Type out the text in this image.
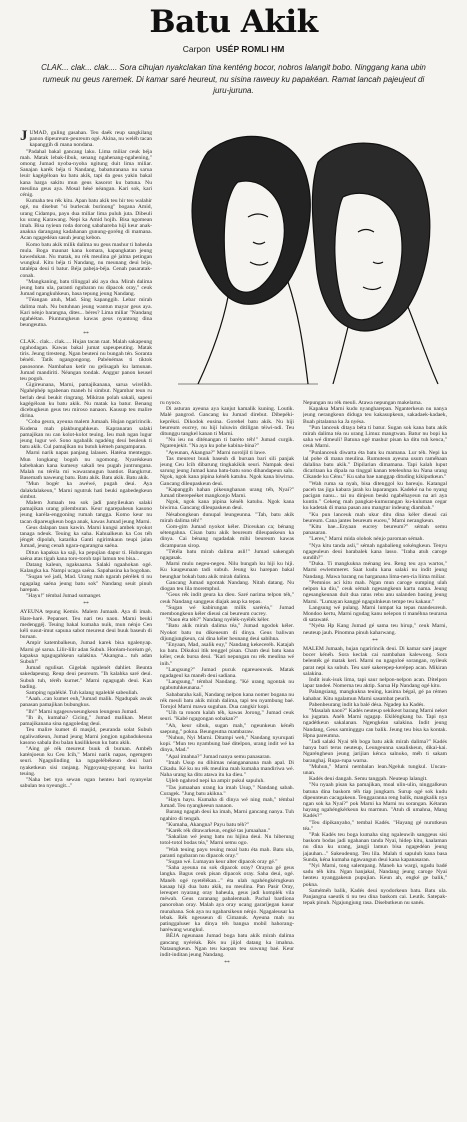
Batu Akik
Carpon USÉP ROMLI HM
CLAK... clak... clak.... Sora cihujan nyakclakan tina kenténg bocor, nobros lalangit bobo. Ninggang kana ubin rumeuk nu geus raremek. Di kamar saré heureut, nu sisina raweuy ku papakéan. Ramat lancah pajeujeut di juru-juruna.

JUMAD, guling gasahan. Teu daék reup sangkilang panon dipeureum-peureum ogé. Akina, nu weléh tacan kapanggih di mana nondana.

"Padahal bakal gancang laku. Lima miliar ceuk béja mah. Matak lebak-libuk, senang ngahenang-ngahening," omong Jumad nyoba-nyoba ngitung duit lima miliar. Sanajan karék béja ti Nandang, babaturanana nu sarua leuir kagégéloan ku batu akik, tapi da geus yakin bakal kana harga sakitu mun geus kasorot ku batuna. Nu meulina geus aya. Mosal hésé néangan. Kari sok, kari cénig.

Kumaha teu rék kitu. Apan batu akik teu hir teu walahir ogé, nu disebut "si burlecak burinong" bogana Amid, urang Cidampu, payu dua miliar lima puluh juta. Dibeuli ku urang Karawang. Nepi ka Amid hojih. Bisa ngomean imah. Bisa nyieun roda dorong sabahareba hiji keur anak-anakna darangang kadahanan gunung-goréng di mamana. Acan ngagedéan sasuh jeung kebon.

Komo batu akik milik dalima nu geus mashur ti baheula mula. Boga maunat kana komara, kapangkatan jeung kawedukan. Nu matak, nu rék meulina gé jalma petingan wungkul. Kitu béja ti Nandang, nu meunang deui béja, tatalépa deui ti batur. Béja pabeja-béja. Cenah pasaratak-conah.

"Mangkaning, batu tilinggal aki aya dua. Mirah dalima jeung batu ula, paranti ngubaran nu dipacok oray," ceuk Jumad ngangkuhkeun, basa tepung jeung Nandang.

"Téangan atuh, Mad. Sing kapanggih. Lebar mirah dalima mah. Nu butuhnan jeung wantun mayar geus aya. Kari nénjo barangna, dites... béres? Lima miliar "Nandang ngahéétan. Piuntungkeun kawas geus nyantong dina beungeutna.

**

CLAK.. clak... clak..... Hujan tacan raat. Malah sakapeung ngahodagan. Kawas bakal jumat sapeupeuting. Matak tiris. Jeung tiresteng. Ngan beuteni nu bungah tén. Soranta bénéti. Tatik ngangongong. Pabénémas ti tiktok pasosonne. Nambahan ketir nu gelisagah ku lamunan. Jumad mandiriti. Néangan tondak. Anggur panon keusel teu pogoh.

Gigireunana, Marni, pamajikanana, sarua wirelikh. Ngahéphép ngabenan maneh hi simbut. Ngambar teun ru berlah deui beukit ringrang. Mikiran polah sakali, sapeni kagégéloan ku batu akik. Nu matak ka batur. Benang dicebugkeun geus teu miroso nanaon. Kausup teu malire dirina.

"Coba geura, ayeuna malem Jumaah. Hujan ngaririncik. Kudena mah plakbungahkeun. Kapranaran salaki pamajikan nu can kolot-kolot teuing. Ieu mah ngan lugur jeung lugur wé. Sono ngabalik ngadéng deui beuleuk ti batu akik. Cul pamajikan nu butuh kémeh pangamparan.

Marni narik napas panjang lalauen. Haténa menteggu. Mun longkang bogoh nu ngomong. Nyaréskeun kabebakan kana kumeuy sakali teu pugah juntrungana. Malah nu téréla mi wawaranugun bantiot. Bangkrrut. Basemath naweung batu. Batu akik. Batu akik. Batu akik.

"Mun bogér ka awéwé, pugah deui. Aya dalakdalakeun," Marni ngutruk hati beuki ngabedegkeun simbut.

Malem Jumaah tea sok jadi panyileukan salaki pamajikan urang pilemburan. Keur ngarepaheun kasono jeung karéla-enggoning rumah tangga. Komo keur nu tacan dipareugkeun boga anak, kawas Jumad jeung Marni.

Geus dalapan taun kawin. Marni kungsi ambek nyokot tanaga ndeuk. Teuing ka saha. Kahualkeun ka Cos téh jéngét dipolah, katarika Ganti ngirimkaun teupi jalan Jumad, jeung cenah ngara-ngarangna saéna.

Ditun kapaksa ka saji, ka pepujian dapur ti. Hubungan saéna atas tigah kana toro-toroh tapi lamun teu bisa...

Datang kaleun, ngaksaarsa. Salaki ngaahokan ogé. Kalangka ka. Nampi ucaga saéna. Sapahasina ka bogohan.

"Sugan wé jadi, Mad. Urang mah ngarah pérélek ti nu ngagalag saéna jeung batu sok" Nandang seuit pinuh harepan.

"Hayu!" témbal Jumad sumanget.

**

AYEUNA tepung Kemis. Malem Jumaah. Aya di imah. Hare-harè. Pepanset. Teu nari teu naon. Marni beuki medenggéj. Teuing bakal kumaha nuik, mun nénjo Cen kéli susut-imut sapuna sabot meureut deui buuk baseuh di buruan.

Ampir katembalkeun, Jumad karek bisa ngalenyap. Marni gé sarua. Lilir-lilir adan Subuh. Horéam-horéam gé, kapaksa ngagugahkeun salakina. "Akangna... tuh adan Subuh!"

Jumad ngulisat. Gigelak ngalenét dahliet. Beunta sakedapeung. Reup deui peureum. "Ih kalahka saré deui. Subuh tuh, téréh kurnet." Marni ngagugah deui. Kan bading.

Samping ngaléklé. Tuh kalang ngaleklé sabeuliah.

"Aaah...can kumet euh,"Jumad malik. Ngadupak awak panasan pamajikan bubungkus.

"Ih!" Marni ngageuwueungkeun leungeun Jumad.

"Ih ih, kumaha? Cicing," Jumad malikan. Metot pamajikanana sina ngagoledag deui.

Teu malire kumet di masjid, peuranda solat Subuh ngaliwatkeun, Jumad jeung Marni jongjon ngabadukeuna kasono sabala ibu balan kasilikkeun ku batu akik.

"Aing gé rék meureut buuk di buruan. Ambéh katénjoeun ku Ceu Icih," Marni narik napas, ngemgem seuri. Ngagulinding ka ngagelébékeun deui bari nyaketkeun sisi ranjang. Nggoyang-goyang ku harita teuing.

"Naha bet nya sewan ngan henteu bari nyanyelat sabulan tea nyeungit..."

ru nyoco.

Di asturan ayeuna aya kanjut kamalik kuning. Loutik. Malé pangrod. Gancang ku Jumad direbut. Dibepéki-kepréksi. Dikodok eusina. Gorehel batu akik. Nu hiji beureum eucrey, nu hiji luluwin ditiligan téiwi-ndi. Teu ditunggu tangkel kanan ti Marni.

"Nu ieu nu diténangan ti baréto téh!" Jumad curgik. Ngarenjekit. "Na aya ku pohe kabina-bina?"

"Ayeunan, Akangna?" Marni noroljil ti lawe.

Tas meureut buuk baseuh di buruan bari sili panjak jeung Ceu Icih dibarung tingkakikik seuri. Nampak deui sarung jeung Jumad kana batu-batu sono dihandapeun salu. Ngok, ngok kana pipina kénéh katuhu. Ngok kana biwirna. Gancang dileupaskeun deui.

"Kapanggih hahan pikeunghanan urang téh, Nyai?" Jumad tiberepeéket mangkonjo Marni.

Ngok, ngok kana pipina kénéh katuhu. Ngok kana biwirna. Gancang dileupaskeun deui.

Nésabongkean dunupal leungeunna. "Tah, batu akik mirah dalima téh!"

Gom-gim Jumad nyokot kéler. Diceukan ca; bénang sétengahna. Cisan batu akik beureum dileupaskeun ka dinya. Cai bénang ngadadak mihi beureum kawas dicampuran sirop.

"Tétéla batu mirah dalima asli!" Jumad sakengah ngagasak.

Marni mulu negeu-negeu. Nilu bungah ku hiji ku hiji. Ku kaugeunaan tadi subuh. Jeung ku harepan bakal beunghar bokah batu akik mirah dalima.

Gancang Jumad ngontak Nandang. Nitah datang. Nu diogan teu lila moremphul.

"Geus rék indit geura ka dieu. Saré narima telpon téh," ceuk Nandang sanggeus diajak asup ka tepas.

"Sugan wé kabirungan milik saréréa," Jumad membongkeun kéler dieusi cai beureum cucrey.

"Naon éta téh?" Nandang nyélék-nyélék kéler.

"Batu akik mirah dalima téa," Jumad ngodok kéler. Nyokot batu nu dikeueum di dinya. Geus baliwan dijungjungkeun, cai dina kéler heunang deui sabihna.

"Enyaan, Mad, asalik euy," Nandang kekeceréh. Katajah ku batu. Dikukui itik tenggel pisan. Cham deui batu kana kéler, ceuk bursa deui. "Kari nepungan nu rék meulina wé inih."

"Langsung?" Jumad pucuk ngareueuwuk. Matak ngadageul ka manéh deui sadiana.

"Langsung," témbal Nandang. "Ké urang ngontak nu ngabutuhkeunana."

Sababaraha kali, Nandang nelpon kana nomer bogana nu rék meuli batu akik mirah dalima, tapi teu nyambung baé. Torojol Marni mawa suguhan. Dua cangkir kopi.

"Uih ta ronom kalah téh, kawas Jorong," Jumad ceuk seuri. "Kabé ngagongan sobakan?"

"Ah, keur sibuk, sugan mah," ngeunkeun kénéh saepung," pokna. Beungeutna mambaraw.

"Nuhun, Nyi Marni. Ditampi weh," Nandang nyurupati kopi. "Mun teu nyambung baé ditelpon, urang indit wé ka dinya, Mad."

"Apal imahna?" Jumad nanya semu panasaran.

"Imah Usup nu dihimas néangananana mah apal. Di Cikadu. Ké ku nu rék meulina mah kumaha mandiriwa wé. Naha urang ka ditu atawa itu ka dieu."

Ujleb ngahrod nepi ka ampir pukul sapuluh.

"Tas jumaahan urang ka imah Usup," Nandang sabah. Curagek. "Jung batu akikna."

"Hayu hayu. Kumaha di dinya wé ning mah," témbal Jumad. Teu nyangkeeun nanaon.

Barang ngagah deui ka imah, Marni gancang nanya. Tuh ngahiro di tengah.

"Kumaha, Akangna? Payu batu téh?"

"Karék rék ditawarkeun, engké tas jumaahan."

"Sakalian wé jeung batu nu hijina deui. Nu hiberung totol-totol bodas téa," Marni semu ogo.

"Wah teuing payu teuing moal batu éta mah. Batu ula, paranti ngubaran nu dipacok oray."

"Sugan wé. Lumayan keur alter dipacok oray gé."

"Saha ayeuna nu sok dipacok oray? Orayna gé geus langka. Bagus ceuk pisan dipacok oray. Saha deui, ogé. Manéh ogé nyetélékan..." éta ulah ngahéngkérngkeun kasaap hiji dua batu akik, nu meulina. Pan Pasir Oray, lereupet nyarang oray baheula, geus jadi komplék vila méwah. Geus caranang pabalentuah. Pachal bardiona panoroban oray. Malah aya oray ucang gararijegan kasur munahana. Sok aya nu ngabarsikeun nénjo. Ngagaleusar ka lebak. Rék ngeuseun di Cimanuk. Ayeuna mah nu patinggaluser ka dinya téh bangsa mobil hahorang-haréwang wungkul.

BÉJA ngeunaan Jumad boga batu akik mirah dalima gancang nyéréak. Rés nu jiijol datang ka imahna. Nataungkeun. Ngan teu kaopan teu suwung baé. Keur indit-inditan jeung Nandang.

**

Nepungan nu rék meuli. Atawa nepungan makelarna.

Kapaksa Marni kudu nyangharepan. Nganterkeun nu nanya jeung nerangkeun diduga teu kakasupkeun, sakadaek-kadaek, Buah pitalanna ka Ja nyésa.

"Pun lanceuk ditaya béta ti batur. Sugan sok kana batu akik mirah dalima téa nu urang Limuz mangtwan. Batur nu bopi ka saha wé dimeuli! Batuna ogé mashur pisan ka ditu tuh kenca," ceuk Marni.

"Punlanceuk diwarta éta batu ku mamana. Lur téh. Nepi ka lal pohe di mana meulina. Rumuteun ayeuna usum raméhaan dalalina batu akik." Dipilarian dimamana. Tapi kalah luput dicaritaan ka dipala na tinggal kanan teteleuhna ku Nana urang Cikande ku Cénu." Ku saha bae nanggap dituding kikiputkeun."

"Wah ruma sa nyah, bisa ditenggol ku bareuju. Katangal paceh tas jiga kabara jarah ku laparangan. Kadeké na ho nyang pacigan nanu... tai nu dinjeun beuki ngabéhayeun na ari aya kuntin." Cekeng mah pangkat-kumurangan ku-kuluman cegar ku kadetak di mana pasan anu mangtur indeung diambah."

"Ku pun lanceuk mah ukur ditu dina kéler dieusi cai beureum. Cana jantes beureum euceu," Marni nerangkeun.

"Kitu bae...Enyaan eucrey beureum?" sémah semu panasaran.

"Leres," Marni mida olohok nénjo paroman sémah.

"Nya kitu tanda asli," sémah ngabalieng sokéngkeun. Tenyu ngageuleun deui barabalek kana lasso. "Iraha atuh caroge sundih?"

"Duka. Ti mangkukna ménang ieu. Reng teu aya wartos," Marni ewlemmeret. Saat kudu kana salaki nu indit jeung Nandang. Mawa barang nu harganana lima-nen-ria liima miliar.

"Pemnios aci kitu mah. Ngan mun caroge sumping ulah nelpon ka diu," ceuk sémah ngesangkeun kartu nama. Jeung ngesangkeunan duit dua ratus rebu anu salanden basing jeung Marni. "Lumayan kanggé ngagulnkeun tempe teu kakaur."

Langsung wé pulang. Marni lumpat ka tepas mandeureuh. Mondoo kertu, Marni ngudag kanu nelepon ti manéhna teurarsa di satawaté.

"Nyéta Hp Kang Jumad gé sama teu hirup," ceuk Marni, neuteup jauh. Pinomna pinuh kaharwang.

**

MALEM Jumaah, hujan ngaririncik deui. Di kamar saré jauger bocer kénéh. Sora keclak cai nambahan kalewong. Sora belenték gé matak keri. Marni nu ngagoloé sorangan, nyileuk parat nepi ka subuh. Teu saré sakerepep-kerépep acan. Mikiran salakina.

Indit isuk-isuk lima, tapi saur nelpon-nelpon acan. Ditelpon lapar tandeé. Nomerna teu aktip. Sarua Hp Nandang ogé kitu.

Palangsiang, mangkukna teuing, kasima bégal, gé pa rémen kahabar. Kitu ngalamun Marni sasambat peurih.

Pabenbeurang indit ka balé désa. Ngadep ka Kadés.

"Masalah naon?" Kadés neuteup sekikeot barang Marni neket ku jugatan. Anéh Marni ngagap. Ekiléngkang ba. Tapi nya ngadétkeun sakalanan. Ngengkéan salakina. Indit jeung Nandang, Geus samingggu can balik. Jeung teu bisa ka kontak. Hpna pareumna.

"Jadi salaki Nyai téh boga batu akik mirah dalima?" Kadés hanya bari terus neuteup, Leungeunna sasaliskeun, dikai-kai. Ngaréngheun jeung jarijian kénca salnuko, méh ti sakam baranghaj. Rupa-rupa warna.

"Muhun," Marni nembalan lean.Ngeluk tungkul. Uncan-unan.

Kadés deui dangah. Semu tanggah. Neuteup lalangit.

"Nu nyaah pisan ka pamajikan, moal ulin-ulin, ninggalkeun batuna dina baskom téh tiap jungkarn. Surup ogé sok kudu dipeunteun cacagakeun. Tenggaranna reng balik, mangkalik nya ngan sok ka Nyai?" pok Marni ka Marni nu sorangan. Kétaran hayang ngahéngkérkeun ku marmun. "Atuh di umahna, Mang Kadés?"

"Teu dipikanyaho," tembal Kadés. "Hayang gé nurutkeun téa."

"Pak Kadés teu boga kumaha sing ngaleuwih sanggeus sisi baskom bodas jadi ngahanan tanda Nyai, hidep kitu, kaalaman nu dina ku urang, jangji lamun bisa ngagedéan jeung jajauhan..." Sakeudeung. Teu lila. Malah ti sapuluh kana basa Sunda, kéna kumaha ngawangun deui kana kapanasaran.

"Nyi Marni, tong salempang. Maneh ka wargi, ngadu badé sadu téh kitu. Ngan hanjakal, Nandang jeung caroge Nyai henteu nyanggakeun pupujian. Keun ah, engké ge balik," pokna.

Saméméh balik, Kadés deui nyodorkeun batu. Batu ula. Panjangna saeutik ti nu teu dina baskom cai. Leutik. Satepak-tepak pinuh. Ngajungjung rasa. Disebutkeun nu sanés.
